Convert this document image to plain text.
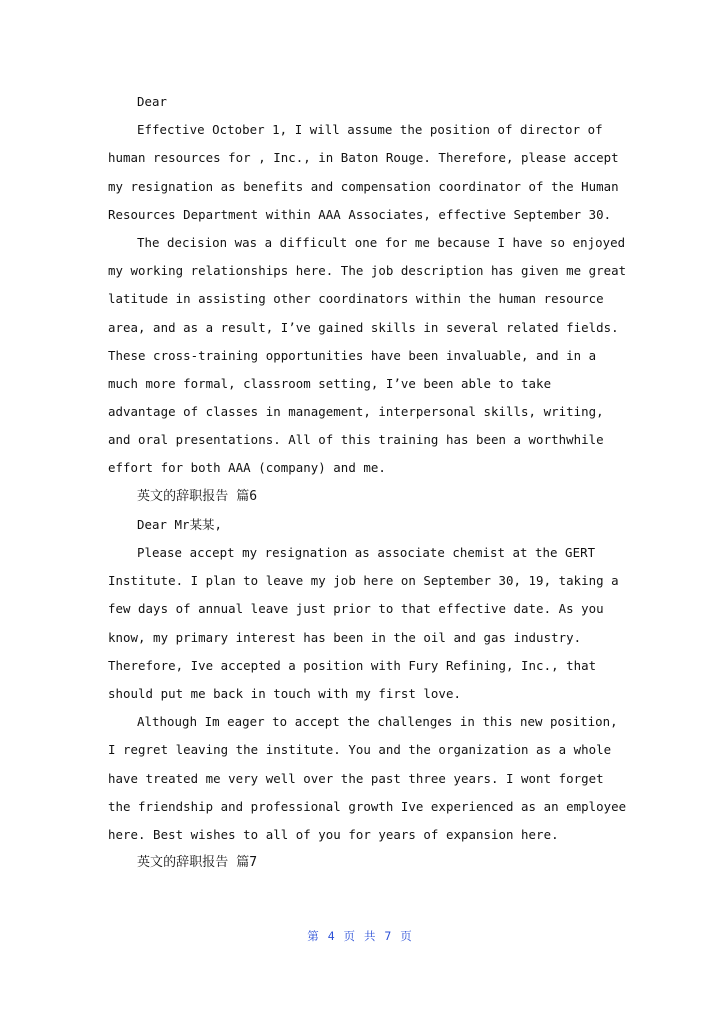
Dear
Effective October 1, I will assume the position of director of
human resources for , Inc., in Baton Rouge. Therefore, please accept
my resignation as benefits and compensation coordinator of the Human
Resources Department within AAA Associates, effective September 30.
The decision was a difficult one for me because I have so enjoyed
my working relationships here. The job description has given me great
latitude in assisting other coordinators within the human resource
area, and as a result, I’ve gained skills in several related fields.
These cross-training opportunities have been invaluable, and in a
much more formal, classroom setting, I’ve been able to take
advantage of classes in management, interpersonal skills, writing,
and oral presentations. All of this training has been a worthwhile
effort for both AAA (company) and me.
英文的辞职报告 篇6
Dear Mr某某,
Please accept my resignation as associate chemist at the GERT
Institute. I plan to leave my job here on September 30, 19, taking a
few days of annual leave just prior to that effective date. As you
know, my primary interest has been in the oil and gas industry.
Therefore, Ive accepted a position with Fury Refining, Inc., that
should put me back in touch with my first love.
Although Im eager to accept the challenges in this new position,
I regret leaving the institute. You and the organization as a whole
have treated me very well over the past three years. I wont forget
the friendship and professional growth Ive experienced as an employee
here. Best wishes to all of you for years of expansion here.
英文的辞职报告 篇7
第 4 页 共 7 页
